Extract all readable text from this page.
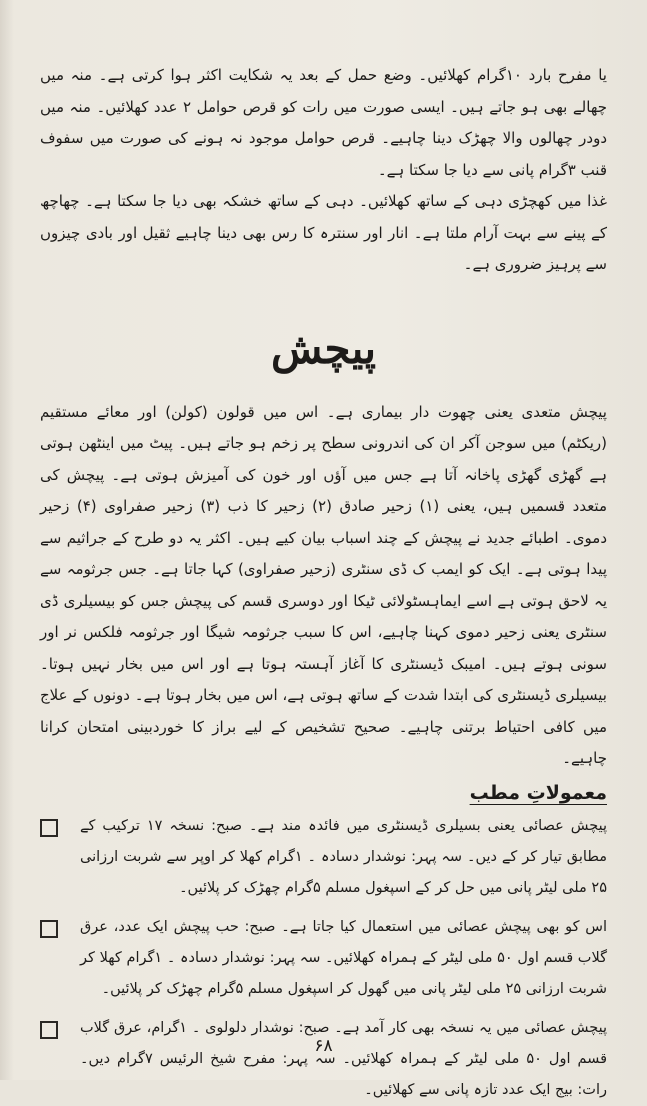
یا مفرح بارد ۱۰گرام کھلائیں۔ وضع حمل کے بعد یہ شکایت اکثر ہوا کرتی ہے۔ منہ میں چھالے بھی ہو جاتے ہیں۔ ایسی صورت میں رات کو قرص حوامل ۲ عدد کھلائیں۔ منہ میں دودر چھالوں والا چھڑک دینا چاہیے۔ قرص حوامل موجود نہ ہونے کی صورت میں سفوف قنب ۳گرام پانی سے دیا جا سکتا ہے۔

غذا میں کھچڑی دہی کے ساتھ کھلائیں۔ دہی کے ساتھ خشکہ بھی دیا جا سکتا ہے۔ چھاچھ کے پینے سے بہت آرام ملتا ہے۔ انار اور سنترہ کا رس بھی دینا چاہیے ثقیل اور بادی چیزوں سے پرہیز ضروری ہے۔

پیچش

پیچش متعدی یعنی چھوت دار بیماری ہے۔ اس میں قولون (کولن) اور معائے مستقیم (ریکٹم) میں سوجن آکر ان کی اندرونی سطح پر زخم ہو جاتے ہیں۔ پیٹ میں اینٹھن ہوتی ہے گھڑی گھڑی پاخانہ آتا ہے جس میں آؤں اور خون کی آمیزش ہوتی ہے۔ پیچش کی متعدد قسمیں ہیں، یعنی (۱) زحیر صادق (۲) زحیر کا ذب (۳) زحیر صفراوی (۴) زحیر دموی۔ اطبائے جدید نے پیچش کے چند اسباب بیان کیے ہیں۔ اکثر یہ دو طرح کے جراثیم سے پیدا ہوتی ہے۔ ایک کو ایمب ک ڈی سنٹری (زحیر صفراوی) کہا جاتا ہے۔ جس جرثومہ سے یہ لاحق ہوتی ہے اسے ایماہسٹولائی ٹیکا اور دوسری قسم کی پیچش جس کو بیسیلری ڈی سنٹری یعنی زحیر دموی کہنا چاہیے، اس کا سبب جرثومہ شیگا اور جرثومہ فلکس نر اور سونی ہوتے ہیں۔ امیبک ڈیسنٹری کا آغاز آہستہ ہوتا ہے اور اس میں بخار نہیں ہوتا۔ بیسیلری ڈیسنٹری کی ابتدا شدت کے ساتھ ہوتی ہے، اس میں بخار ہوتا ہے۔ دونوں کے علاج میں کافی احتیاط برتنی چاہیے۔ صحیح تشخیص کے لیے براز کا خوردبینی امتحان کرانا چاہیے۔

معمولاتِ مطب
پیچش عصائی یعنی بسیلری ڈیسنٹری میں فائدہ مند ہے۔ صبح: نسخہ ۱۷ ترکیب کے مطابق تیار کر کے دیں۔ سہ پہر: نوشدار دسادہ ۔ ۱گرام کھلا کر اوپر سے شربت ارزانی ۲۵ ملی لیٹر پانی میں حل کر کے اسپغول مسلم ۵گرام چھڑک کر پلائیں۔
اس کو بھی پیچش عصائی میں استعمال کیا جاتا ہے۔ صبح: حب پیچش ایک عدد، عرق گلاب قسم اول ۵۰ ملی لیٹر کے ہمراہ کھلائیں۔ سہ پہر: نوشدار دسادہ ۔ ۱گرام کھلا کر شربت ارزانی ۲۵ ملی لیٹر پانی میں گھول کر اسپغول مسلم ۵گرام چھڑک کر پلائیں۔
پیچش عصائی میں یہ نسخہ بھی کار آمد ہے۔ صبح: نوشدار دلولوی ۔ ۱گرام، عرق گلاب قسم اول ۵۰ ملی لیٹر کے ہمراہ کھلائیں۔ سہ پہر: مفرح شیخ الرئیس ۷گرام دیں۔ رات: بیج ایک عدد تازہ پانی سے کھلائیں۔
۶۸
